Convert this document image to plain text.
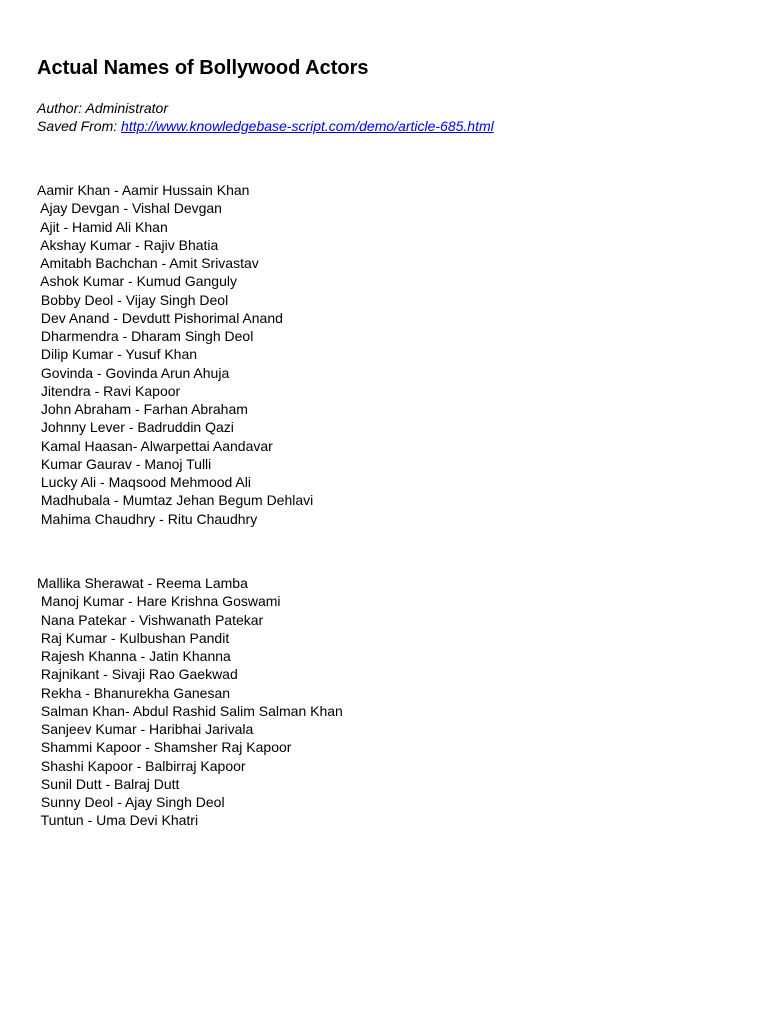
Actual Names of Bollywood Actors
Author: Administrator
Saved From: http://www.knowledgebase-script.com/demo/article-685.html
Aamir Khan - Aamir Hussain Khan
Ajay Devgan - Vishal Devgan
Ajit - Hamid Ali Khan
Akshay Kumar - Rajiv Bhatia
Amitabh Bachchan - Amit Srivastav
Ashok Kumar - Kumud Ganguly
Bobby Deol - Vijay Singh Deol
Dev Anand - Devdutt Pishorimal Anand
Dharmendra - Dharam Singh Deol
Dilip Kumar - Yusuf Khan
Govinda - Govinda Arun Ahuja
Jitendra - Ravi Kapoor
John Abraham - Farhan Abraham
Johnny Lever - Badruddin Qazi
Kamal Haasan- Alwarpettai Aandavar
Kumar Gaurav - Manoj Tulli
Lucky Ali - Maqsood Mehmood Ali
Madhubala - Mumtaz Jehan Begum Dehlavi
Mahima Chaudhry - Ritu Chaudhry
Mallika Sherawat - Reema Lamba
Manoj Kumar - Hare Krishna Goswami
Nana Patekar - Vishwanath Patekar
Raj Kumar - Kulbushan Pandit
Rajesh Khanna - Jatin Khanna
Rajnikant - Sivaji Rao Gaekwad
Rekha - Bhanurekha Ganesan
Salman Khan- Abdul Rashid Salim Salman Khan
Sanjeev Kumar - Haribhai Jarivala
Shammi Kapoor - Shamsher Raj Kapoor
Shashi Kapoor - Balbirraj Kapoor
Sunil Dutt - Balraj Dutt
Sunny Deol - Ajay Singh Deol
Tuntun - Uma Devi Khatri
